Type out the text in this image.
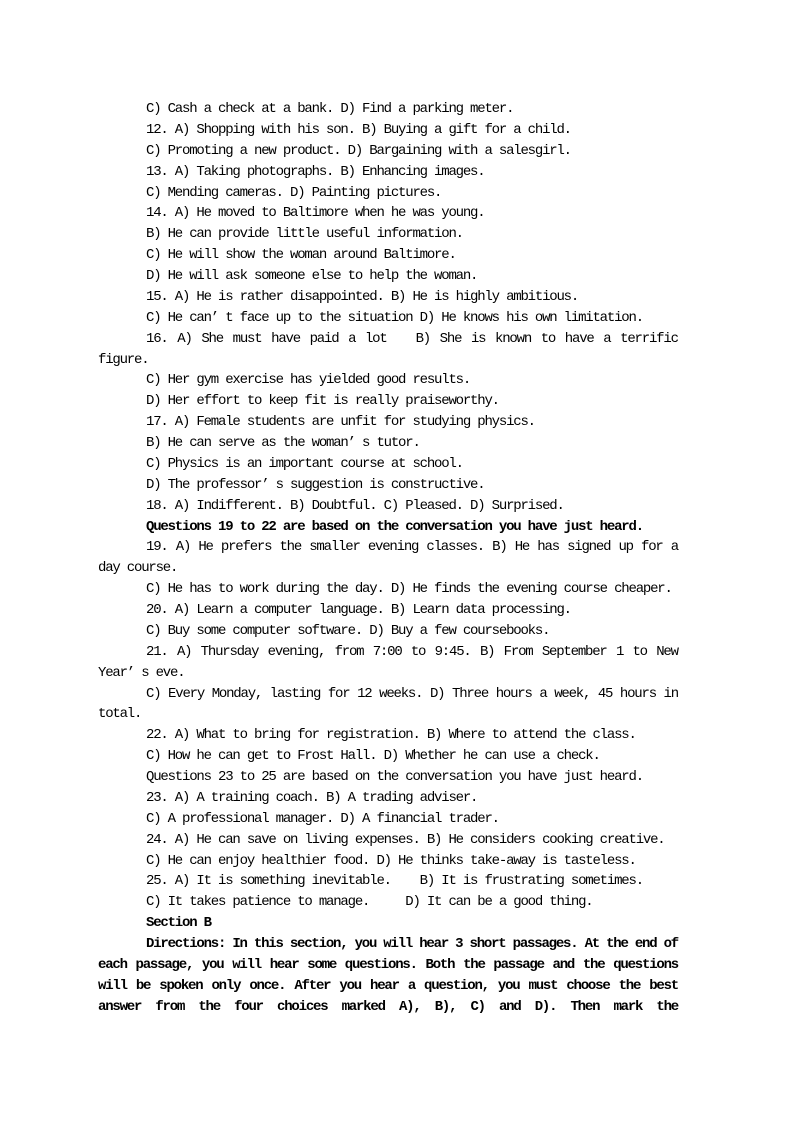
C) Cash a check at a bank. D) Find a parking meter.
12. A) Shopping with his son. B) Buying a gift for a child.
C) Promoting a new product. D) Bargaining with a salesgirl.
13. A) Taking photographs. B) Enhancing images.
C) Mending cameras. D) Painting pictures.
14. A) He moved to Baltimore when he was young.
B) He can provide little useful information.
C) He will show the woman around Baltimore.
D) He will ask someone else to help the woman.
15. A) He is rather disappointed. B) He is highly ambitious.
C) He can’ t face up to the situation D) He knows his own limitation.
16. A) She must have paid a lot B) She is known to have a terrific
figure.
C) Her gym exercise has yielded good results.
D) Her effort to keep fit is really praiseworthy.
17. A) Female students are unfit for studying physics.
B) He can serve as the woman’ s tutor.
C) Physics is an important course at school.
D) The professor’ s suggestion is constructive.
18. A) Indifferent. B) Doubtful. C) Pleased. D) Surprised.
Questions 19 to 22 are based on the conversation you have just heard.
19. A) He prefers the smaller evening classes. B) He has signed up for a
day course.
C) He has to work during the day. D) He finds the evening course cheaper.
20. A) Learn a computer language. B) Learn data processing.
C) Buy some computer software. D) Buy a few coursebooks.
21. A) Thursday evening, from 7:00 to 9:45. B) From September 1 to New
Year’ s eve.
C) Every Monday, lasting for 12 weeks. D) Three hours a week, 45 hours in
total.
22. A) What to bring for registration. B) Where to attend the class.
C) How he can get to Frost Hall. D) Whether he can use a check.
Questions 23 to 25 are based on the conversation you have just heard.
23. A) A training coach. B) A trading adviser.
C) A professional manager. D) A financial trader.
24. A) He can save on living expenses. B) He considers cooking creative.
C) He can enjoy healthier food. D) He thinks take-away is tasteless.
25. A) It is something inevitable.    B) It is frustrating sometimes.
C) It takes patience to manage.     D) It can be a good thing.
Section B
Directions: In this section, you will hear 3 short passages. At the end of
each passage, you will hear some questions. Both the passage and the questions
will be spoken only once. After you hear a question, you must choose the best
answer from the four choices marked A), B), C) and D). Then mark the
